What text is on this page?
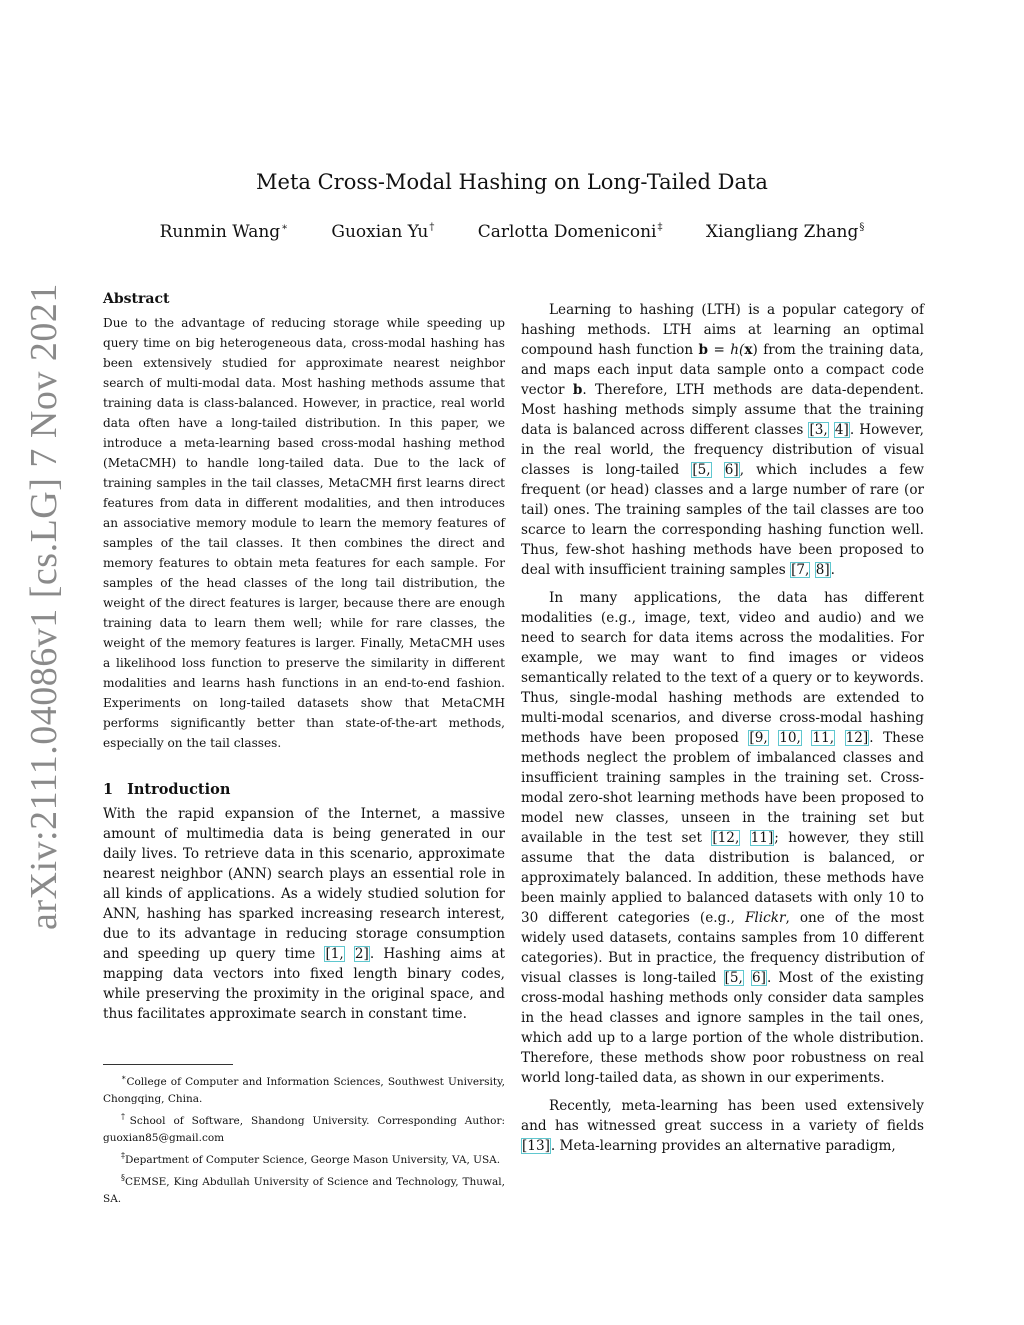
arXiv:2111.04086v1 [cs.LG] 7 Nov 2021
Meta Cross-Modal Hashing on Long-Tailed Data
Runmin Wang∗	Guoxian Yu†	Carlotta Domeniconi‡	Xiangliang Zhang§
Abstract

Due to the advantage of reducing storage while speeding up query time on big heterogeneous data, cross-modal hashing has been extensively studied for approximate nearest neighbor search of multi-modal data. Most hashing methods assume that training data is class-balanced. However, in practice, real world data often have a long-tailed distribution. In this paper, we introduce a meta-learning based cross-modal hashing method (MetaCMH) to handle long-tailed data. Due to the lack of training samples in the tail classes, MetaCMH first learns direct features from data in different modalities, and then introduces an associative memory module to learn the memory features of samples of the tail classes. It then combines the direct and memory features to obtain meta features for each sample. For samples of the head classes of the long tail distribution, the weight of the direct features is larger, because there are enough training data to learn them well; while for rare classes, the weight of the memory features is larger. Finally, MetaCMH uses a likelihood loss function to preserve the similarity in different modalities and learns hash functions in an end-to-end fashion. Experiments on long-tailed datasets show that MetaCMH performs significantly better than state-of-the-art methods, especially on the tail classes.

1 Introduction

With the rapid expansion of the Internet, a massive amount of multimedia data is being generated in our daily lives. To retrieve data in this scenario, approximate nearest neighbor (ANN) search plays an essential role in all kinds of applications. As a widely studied solution for ANN, hashing has sparked increasing research interest, due to its advantage in reducing storage consumption and speeding up query time [1, 2]. Hashing aims at mapping data vectors into fixed length binary codes, while preserving the proximity in the original space, and thus facilitates approximate search in constant time.

Learning to hashing (LTH) is a popular category of hashing methods. LTH aims at learning an optimal compound hash function b = h(x) from the training data, and maps each input data sample onto a compact code vector b. Therefore, LTH methods are data-dependent. Most hashing methods simply assume that the training data is balanced across different classes [3, 4]. However, in the real world, the frequency distribution of visual classes is long-tailed [5, 6], which includes a few frequent (or head) classes and a large number of rare (or tail) ones. The training samples of the tail classes are too scarce to learn the corresponding hashing function well. Thus, few-shot hashing methods have been proposed to deal with insufficient training samples [7, 8].

In many applications, the data has different modalities (e.g., image, text, video and audio) and we need to search for data items across the modalities. For example, we may want to find images or videos semantically related to the text of a query or to keywords. Thus, single-modal hashing methods are extended to multi-modal scenarios, and diverse cross-modal hashing methods have been proposed [9, 10, 11, 12]. These methods neglect the problem of imbalanced classes and insufficient training samples in the training set. Cross-modal zero-shot learning methods have been proposed to model new classes, unseen in the training set but available in the test set [12, 11]; however, they still assume that the data distribution is balanced, or approximately balanced. In addition, these methods have been mainly applied to balanced datasets with only 10 to 30 different categories (e.g., Flickr, one of the most widely used datasets, contains samples from 10 different categories). But in practice, the frequency distribution of visual classes is long-tailed [5, 6]. Most of the existing cross-modal hashing methods only consider data samples in the head classes and ignore samples in the tail ones, which add up to a large portion of the whole distribution. Therefore, these methods show poor robustness on real world long-tailed data, as shown in our experiments.

Recently, meta-learning has been used extensively and has witnessed great success in a variety of fields [13]. Meta-learning provides an alternative paradigm,

∗College of Computer and Information Sciences, Southwest University, Chongqing, China.

†School of Software, Shandong University. Corresponding Author: guoxian85@gmail.com

‡Department of Computer Science, George Mason University, VA, USA.

§CEMSE, King Abdullah University of Science and Technology, Thuwal, SA.
